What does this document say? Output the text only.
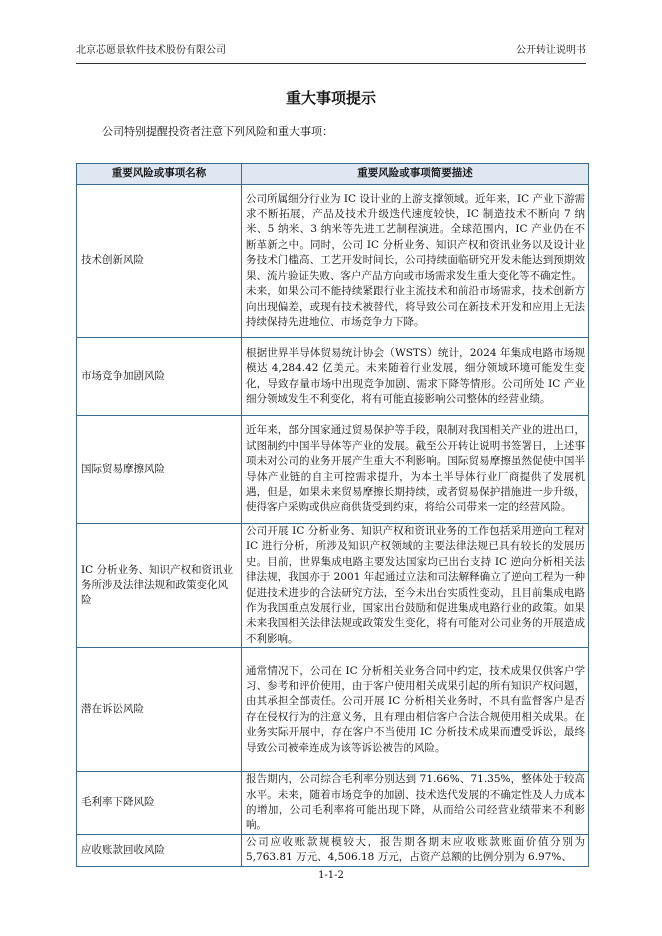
北京芯愿景软件技术股份有限公司	公开转让说明书
重大事项提示
公司特别提醒投资者注意下列风险和重大事项：
重要风险或事项名称	重要风险或事项简要描述
技术创新风险	公司所属细分行业为 IC 设计业的上游支撑领域。近年来，IC 产业下游需求不断拓展，产品及技术升级迭代速度较快，IC 制造技术不断向 7 纳米、5 纳米、3 纳米等先进工艺制程演进。全球范围内，IC 产业仍在不断革新之中。同时，公司 IC 分析业务、知识产权和资讯业务以及设计业务技术门槛高、工艺开发时间长，公司持续面临研究开发未能达到预期效果、流片验证失败、客户产品方向或市场需求发生重大变化等不确定性。
未来，如果公司不能持续紧跟行业主流技术和前沿市场需求，技术创新方向出现偏差，或现有技术被替代，将导致公司在新技术开发和应用上无法持续保持先进地位、市场竞争力下降。

市场竞争加剧风险	根据世界半导体贸易统计协会（WSTS）统计，2024 年集成电路市场规模达 4,284.42 亿美元。未来随着行业发展，细分领域环境可能发生变化，导致存量市场中出现竞争加剧、需求下降等情形。公司所处 IC 产业细分领域发生不利变化，将有可能直接影响公司整体的经营业绩。
国际贸易摩擦风险	近年来，部分国家通过贸易保护等手段，限制对我国相关产业的进出口，试图制约中国半导体等产业的发展。截至公开转让说明书签署日，上述事项未对公司的业务开展产生重大不利影响。国际贸易摩擦虽然促使中国半导体产业链的自主可控需求提升，为本土半导体行业厂商提供了发展机遇，但是，如果未来贸易摩擦长期持续，或者贸易保护措施进一步升级，使得客户采购或供应商供货受到约束，将给公司带来一定的经营风险。
IC 分析业务、知识产权和资讯业务所涉及法律法规和政策变化风险	公司开展 IC 分析业务、知识产权和资讯业务的工作包括采用逆向工程对 IC 进行分析，所涉及知识产权领域的主要法律法规已具有较长的发展历史。目前，世界集成电路主要发达国家均已出台支持 IC 逆向分析相关法律法规，我国亦于 2001 年起通过立法和司法解释确立了逆向工程为一种促进技术进步的合法研究方法，至今未出台实质性变动，且目前集成电路作为我国重点发展行业，国家出台鼓励和促进集成电路行业的政策。如果未来我国相关法律法规或政策发生变化，将有可能对公司业务的开展造成不利影响。
潜在诉讼风险	通常情况下，公司在 IC 分析相关业务合同中约定，技术成果仅供客户学习、参考和评价使用，由于客户使用相关成果引起的所有知识产权问题，由其承担全部责任。公司开展 IC 分析相关业务时，不具有监督客户是否存在侵权行为的注意义务，且有理由相信客户合法合规使用相关成果。在业务实际开展中，存在客户不当使用 IC 分析技术成果而遭受诉讼，最终导致公司被牵连成为该等诉讼被告的风险。
毛利率下降风险	报告期内，公司综合毛利率分别达到 71.66%、71.35%，整体处于较高水平。未来，随着市场竞争的加剧、技术迭代发展的不确定性及人力成本的增加，公司毛利率将可能出现下降，从而给公司经营业绩带来不利影响。
应收账款回收风险	公司应收账款规模较大，报告期各期末应收账款账面价值分别为 5,763.81 万元、4,506.18 万元，占资产总额的比例分别为 6.97%、
1-1-2
